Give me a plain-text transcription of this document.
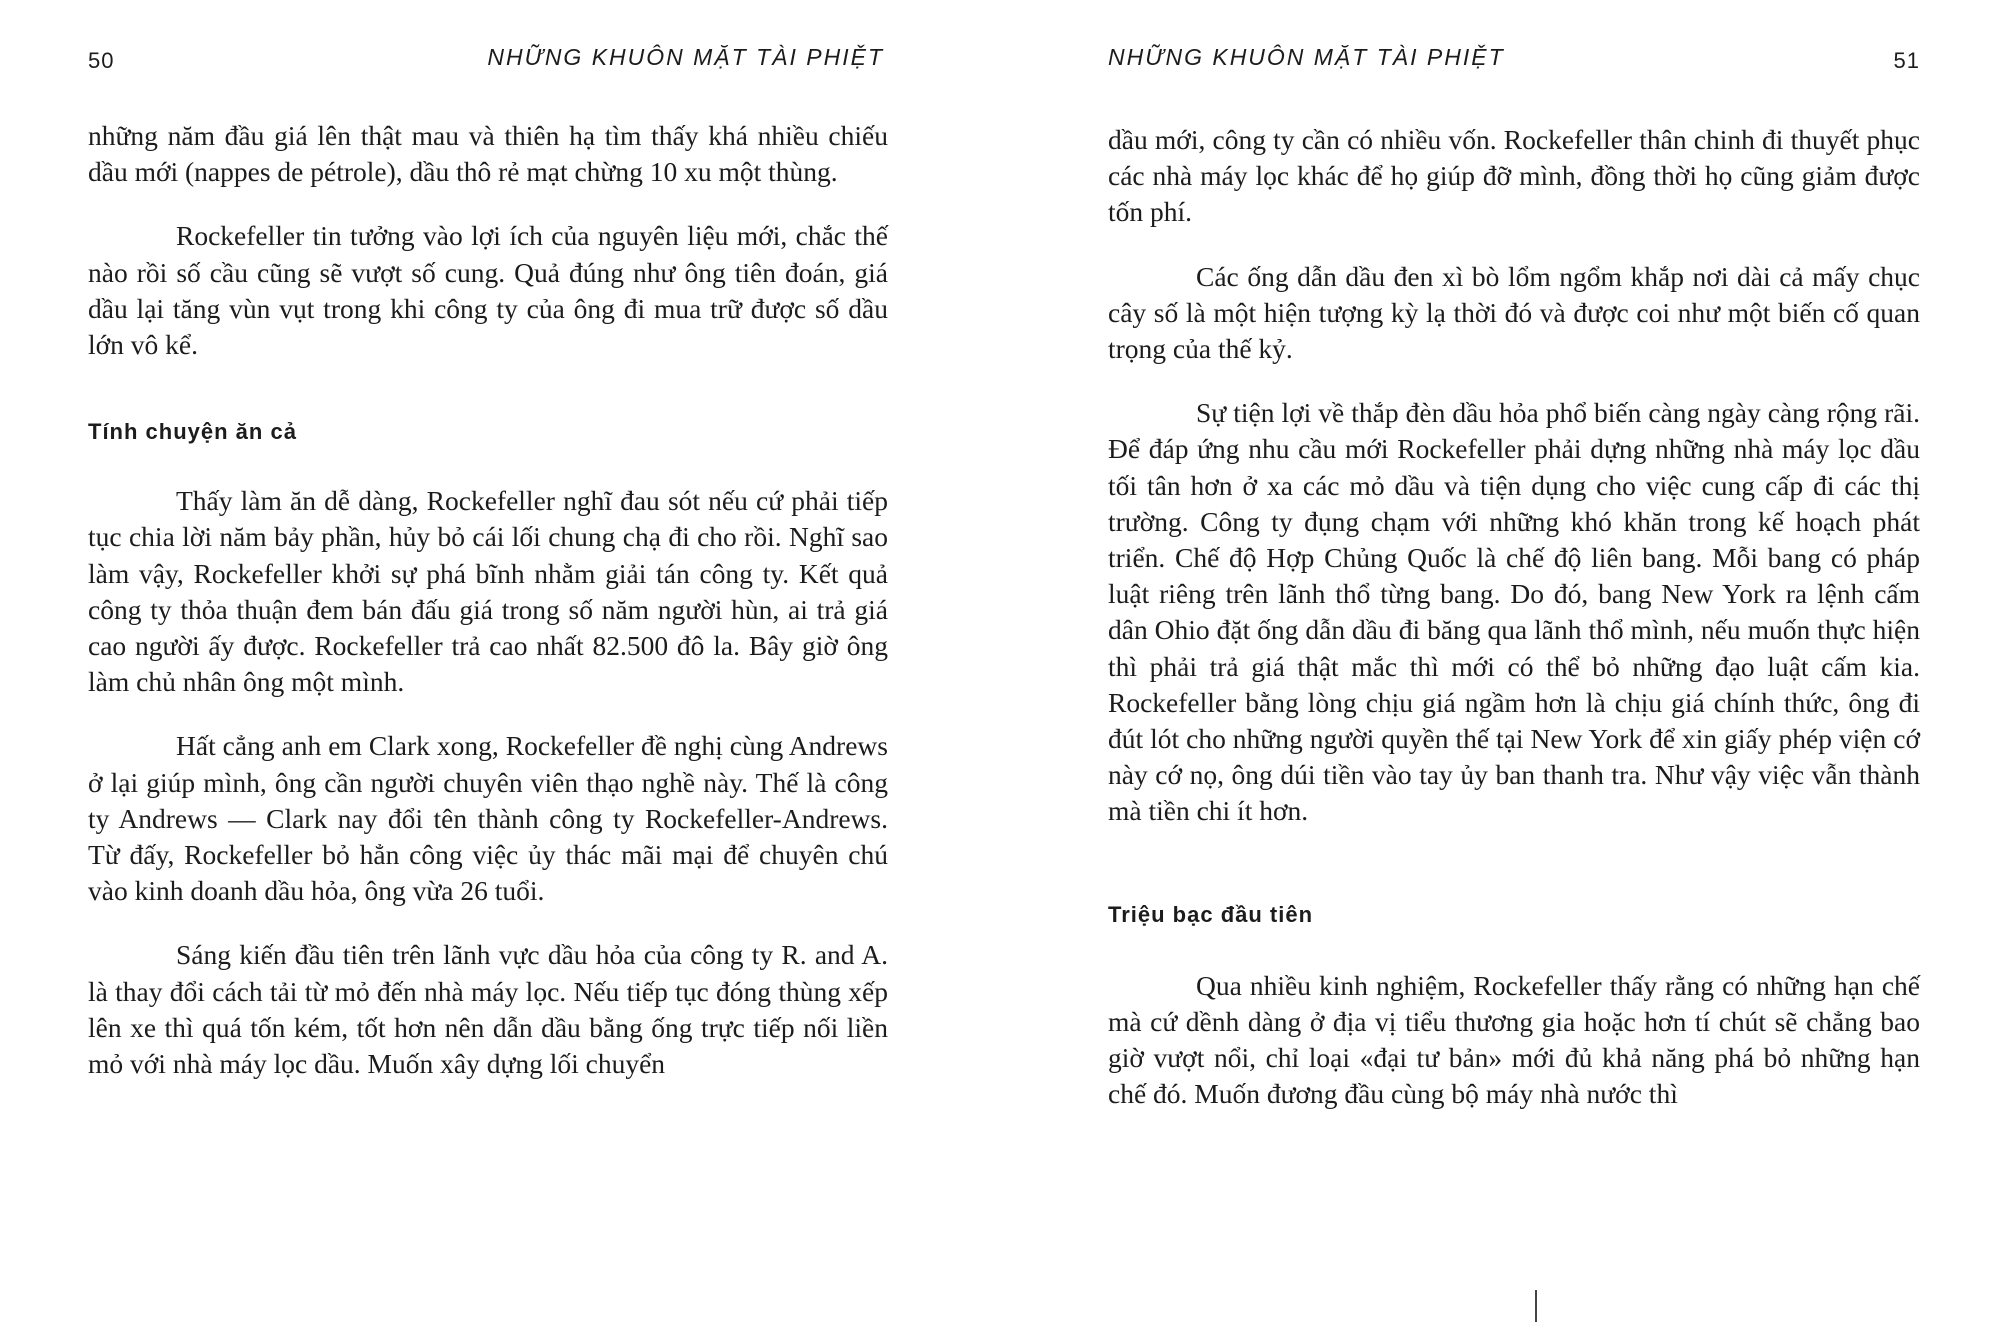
50	NHỮNG KHUÔN MẶT TÀI PHIỆT

những năm đầu giá lên thật mau và thiên hạ tìm thấy khá nhiều chiếu dầu mới (nappes de pétrole), dầu thô rẻ mạt chừng 10 xu một thùng.

Rockefeller tin tưởng vào lợi ích của nguyên liệu mới, chắc thế nào rồi số cầu cũng sẽ vượt số cung. Quả đúng như ông tiên đoán, giá dầu lại tăng vùn vụt trong khi công ty của ông đi mua trữ được số dầu lớn vô kể.

Tính chuyện ăn cả

Thấy làm ăn dễ dàng, Rockefeller nghĩ đau sót nếu cứ phải tiếp tục chia lời năm bảy phần, hủy bỏ cái lối chung chạ đi cho rồi. Nghĩ sao làm vậy, Rockefeller khởi sự phá bĩnh nhằm giải tán công ty. Kết quả công ty thỏa thuận đem bán đấu giá trong số năm người hùn, ai trả giá cao người ấy được. Rockefeller trả cao nhất 82.500 đô la. Bây giờ ông làm chủ nhân ông một mình.

Hất cẳng anh em Clark xong, Rockefeller đề nghị cùng Andrews ở lại giúp mình, ông cần người chuyên viên thạo nghề này. Thế là công ty Andrews — Clark nay đổi tên thành công ty Rockefeller-Andrews. Từ đấy, Rockefeller bỏ hẳn công việc ủy thác mãi mại để chuyên chú vào kinh doanh dầu hỏa, ông vừa 26 tuổi.

Sáng kiến đầu tiên trên lãnh vực dầu hỏa của công ty R. and A. là thay đổi cách tải từ mỏ đến nhà máy lọc. Nếu tiếp tục đóng thùng xếp lên xe thì quá tốn kém, tốt hơn nên dẫn dầu bằng ống trực tiếp nối liền mỏ với nhà máy lọc dầu. Muốn xây dựng lối chuyển

NHỮNG KHUÔN MẶT TÀI PHIỆT	51

dầu mới, công ty cần có nhiều vốn. Rockefeller thân chinh đi thuyết phục các nhà máy lọc khác để họ giúp đỡ mình, đồng thời họ cũng giảm được tốn phí.

Các ống dẫn dầu đen xì bò lổm ngổm khắp nơi dài cả mấy chục cây số là một hiện tượng kỳ lạ thời đó và được coi như một biến cố quan trọng của thế kỷ.

Sự tiện lợi về thắp đèn dầu hỏa phổ biến càng ngày càng rộng rãi. Để đáp ứng nhu cầu mới Rockefeller phải dựng những nhà máy lọc dầu tối tân hơn ở xa các mỏ dầu và tiện dụng cho việc cung cấp đi các thị trường. Công ty đụng chạm với những khó khăn trong kế hoạch phát triển. Chế độ Hợp Chủng Quốc là chế độ liên bang. Mỗi bang có pháp luật riêng trên lãnh thổ từng bang. Do đó, bang New York ra lệnh cấm dân Ohio đặt ống dẫn dầu đi băng qua lãnh thổ mình, nếu muốn thực hiện thì phải trả giá thật mắc thì mới có thể bỏ những đạo luật cấm kia. Rockefeller bằng lòng chịu giá ngầm hơn là chịu giá chính thức, ông đi đút lót cho những người quyền thế tại New York để xin giấy phép viện cớ này cớ nọ, ông dúi tiền vào tay ủy ban thanh tra. Như vậy việc vẫn thành mà tiền chi ít hơn.

Triệu bạc đầu tiên

Qua nhiều kinh nghiệm, Rockefeller thấy rằng có những hạn chế mà cứ dềnh dàng ở địa vị tiểu thương gia hoặc hơn tí chút sẽ chẳng bao giờ vượt nổi, chỉ loại «đại tư bản» mới đủ khả năng phá bỏ những hạn chế đó. Muốn đương đầu cùng bộ máy nhà nước thì
